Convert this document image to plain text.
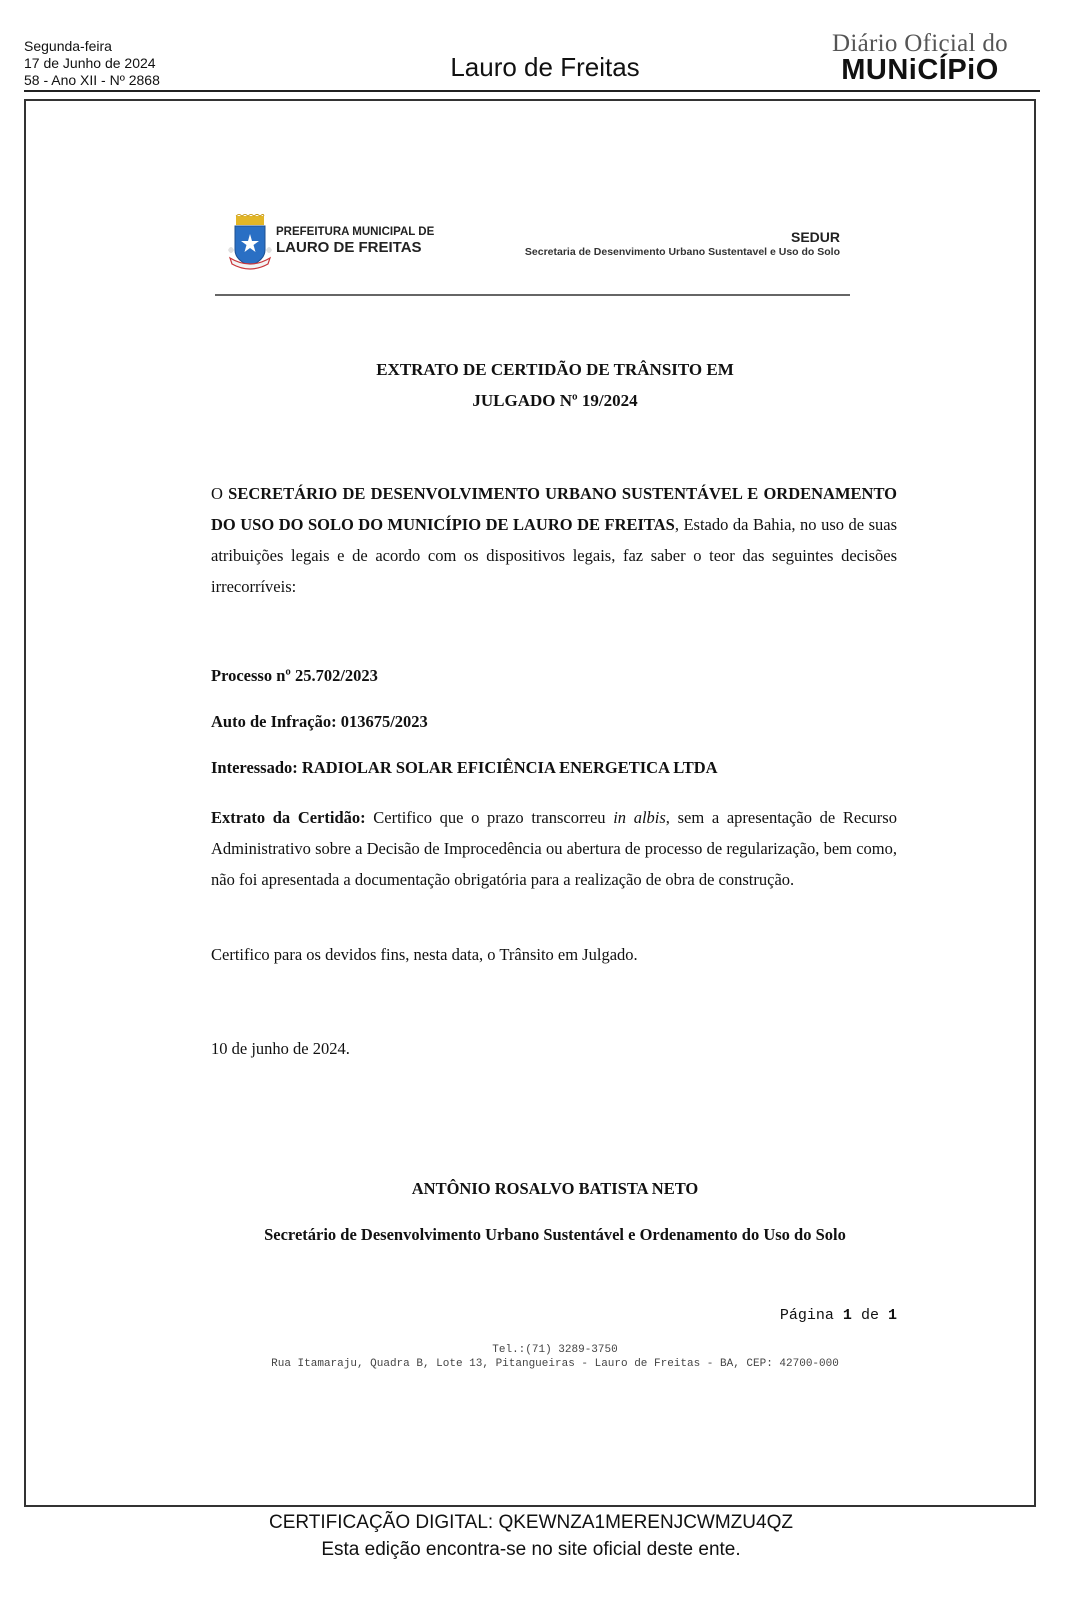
Segunda-feira
17 de Junho de 2024
58 - Ano XII - Nº 2868	Lauro de Freitas
Diário Oficial do
MUNiCÍPiO
PREFEITURA MUNICIPAL DE
LAURO DE FREITAS
SEDUR
Secretaria de Desenvimento Urbano Sustentavel e Uso do Solo
EXTRATO DE CERTIDÃO DE TRÂNSITO EM
JULGADO Nº 19/2024
O SECRETÁRIO DE DESENVOLVIMENTO URBANO SUSTENTÁVEL E ORDENAMENTO DO USO DO SOLO DO MUNICÍPIO DE LAURO DE FREITAS, Estado da Bahia, no uso de suas atribuições legais e de acordo com os dispositivos legais, faz saber o teor das seguintes decisões irrecorríveis:
Processo nº 25.702/2023
Auto de Infração: 013675/2023
Interessado: RADIOLAR SOLAR EFICIÊNCIA ENERGETICA LTDA
Extrato da Certidão: Certifico que o prazo transcorreu in albis, sem a apresentação de Recurso Administrativo sobre a Decisão de Improcedência ou abertura de processo de regularização, bem como, não foi apresentada a documentação obrigatória para a realização de obra de construção.
Certifico para os devidos fins, nesta data, o Trânsito em Julgado.
10 de junho de 2024.
ANTÔNIO ROSALVO BATISTA NETO
Secretário de Desenvolvimento Urbano Sustentável e Ordenamento do Uso do Solo
Página 1 de 1
Tel.:(71) 3289-3750
Rua Itamaraju, Quadra B, Lote 13, Pitangueiras - Lauro de Freitas - BA, CEP: 42700-000
CERTIFICAÇÃO DIGITAL: QKEWNZA1MERENJCWMZU4QZ
Esta edição encontra-se no site oficial deste ente.
